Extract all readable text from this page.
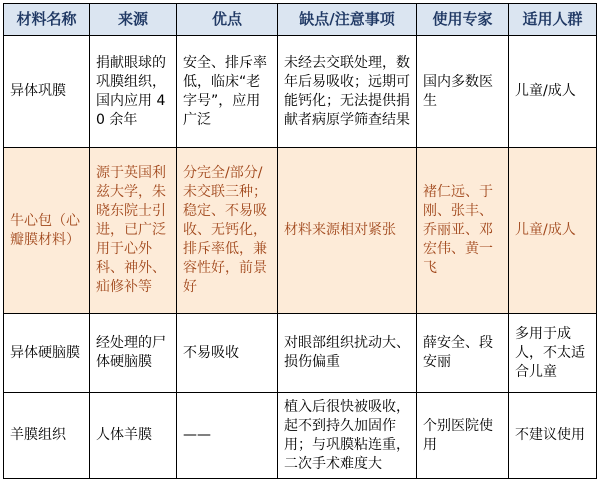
材料名称	来源	优点	缺点/注意事项	使用专家	适用人群
异体巩膜	捐献眼球的巩膜组织，国内应用 40 余年	安全、排斥率低，临床“老字号”，应用广泛	未经去交联处理，数年后易吸收；远期可能钙化；无法提供捐献者病原学筛查结果	国内多数医生	儿童/成人
牛心包（心瓣膜材料）	源于英国利兹大学，朱晓东院士引进，已广泛用于心外科、神外、疝修补等	分完全/部分/未交联三种；稳定、不易吸收、无钙化，排斥率低，兼容性好，前景好	材料来源相对紧张	褚仁远、于刚、张丰、乔丽亚、邓宏伟、黄一飞	儿童/成人
异体硬脑膜	经处理的尸体硬脑膜	不易吸收	对眼部组织扰动大、损伤偏重	薛安全、段安丽	多用于成人，不太适合儿童
羊膜组织	人体羊膜	——	植入后很快被吸收，起不到持久加固作用；与巩膜粘连重，二次手术难度大	个别医院使用	不建议使用
